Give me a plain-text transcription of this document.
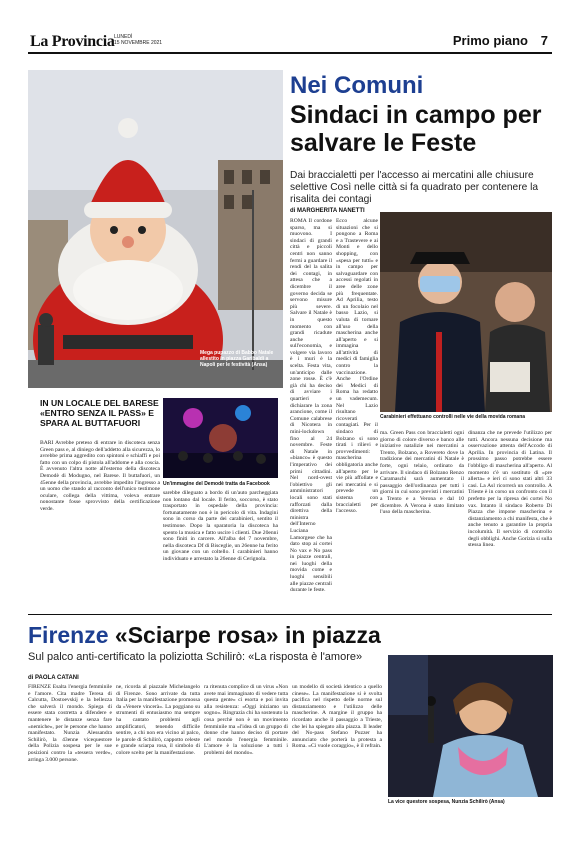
La Provincia LUNEDÌ
15 NOVEMBRE 2021	Primo piano 7
Mega pupazzo di Babbo Natale allestito in piazza Garibaldi a Napoli per le festività (Ansa)
Nei Comuni
Sindaci in campo per salvare le Feste
Dai braccialetti per l'accesso ai mercatini alle chiusure selettive Così nelle città si fa quadrato per contenere la risalita dei contagi
di MARGHERITA NANETTI

ROMA Il cordone sparso, ma si muovono. I sindaci di grandi città e piccoli centri non sanno fermi a guardare il rendi del la salita dei contagi, in attesa che a dicembre il governo decida se servono misure più severe. Salvare il Natale è in questo momento con grandi ricadute anche sull'economia, e volgere via lavoro è i muri è la scelta. Festa vita, un'anticipo dalle zone rosse. È c'è già chi ha deciso di avviare i quartieri e dichiarare la zona arancione, come il Comune calabrese di Nicotera in mini-lockdown fino al 24 novembre. Feste di Natale in «bianco» è questo l'imperativo dei primi cittadini. Nel nord-ovest l'obiettivo gli amministratori locali sono stati rafforzati dalla direttiva della ministra dell'Interno Luciana Lamorgese che ha dato stop ai cortei No vax e No pass in piazze centrali, nei luoghi della movida come e luoghi sensibili alle piazze centrali durante le feste.

Ecco alcune situazioni che si pongono a Roma e a Trastevere e ai Monti e dello shopping, con «spesa per tutti» e in campo per salvaguardare con accessi regolati in aree delle zone più frequentate. Ad Aprilia, testo di un focolaio nel basso Lazio, si valuta di tornare all'uso della mascherina anche all'aperto e si immagina all'attività di medici di famiglia contro la vaccinazione. Anche l'Ordine dei Medici di Roma ha redatto un vademecum. Nel Lazio risultano ricoverati contagiati. Per il sindaco di Bolzano si sono tirati i rilievi e provvedimenti: mascherina obbligatoria anche all'aperto per le vie più affollate e nei mercatini e si prevede un sistema con braccialetti per l'accesso.

Carabinieri effettuano controlli nelle vie della movida romana

ma. Green Pass con braccialetti ogni giorno di colore diverso e banco alle iniziative natalizie nei mercatini a Trento, Bolzano, a Rovereto dove la tradizione dei mercatini di Natale è forte, ogni telaio, ordinato da arrivare. Il sindaco di Bolzano Renzo Caramaschi sarà aumentato il passaggio dell'ordinanza per tutti i giorni in cui sono previsti i mercatini a Trento e a Verona e dal 10 dicembre. A Verona è stato limitato l'uso della mascherina.

dinanza che ne prevede l'utilizzo per tutti. Ancora nessuna decisione ma osservazione attenta dell'Accodo di Aprilia. In provincia di Latina. Il prossimo passo potrebbe essere l'obbligo di mascherina all'aperto. Al momento c'è un sostituto di «pre allerta» e ieri ci sono stati altri 33 casi. La Asl ricorrerà un controllo. A Trieste è in corso un confronto con il prefetto per la ripresa dei cortei No vax. Intanto il sindaco Roberto Di Piazza che impone mascherina e distanziamento a chi manifesta, che è anche tenuto a garantire la propria incolumità. Il servizio di controllo degli obblighi. Anche Gorizia si sulla stessa linea.

IN UN LOCALE DEL BARESE
«ENTRO SENZA IL PASS» E SPARA AL BUTTAFUORI
Un'immagine del Demodè tratta da Facebook

BARI Avrebbe preteso di entrare in discoteca senza Green pass e, al diniego dell'addetto alla sicurezza, lo avrebbe prima aggredito con spintoni e schiaffi e poi fatto con un colpo di pistola all'addome e alla coscia. È avvenuto l'altra notte all'esterno della discoteca Demodè di Modugno, nel Barese. Il buttafuori, un 45enne della provincia, avrebbe impedito l'ingresso a un uomo che stando al racconto dell'unico testimone oculare, collega della vittima, voleva entrare nonostante fosse sprovvisto della certificazione verde.

sarebbe dileguato a bordo di un'auto parcheggiata non lontano dal locale. Il ferito, soccorso, è stato trasportato in ospedale della provincia: fortunatamente non è in pericolo di vita. Indagini sono in corso da parte dei carabinieri, sentito il testimone. Dopo la sparatoria la discoteca ha spento la musica e fatto uscire i clienti. Due 20enni sono finiti in carcere. All'alba del 7 novembre, nella discoteca Df di Bisceglie, un 26enne ha ferito un giovane con un coltello. I carabinieri hanno individuato e arrestato la 26enne di Cerignola.

Firenze «Sciarpe rosa» in piazza
Sul palco anti-certificato la poliziotta Schilirò: «La risposta è l'amore»
di PAOLA CATANI

FIRENZE Esalta l'energia femminile e l'amore. Cita madre Teresa di Calcutta, Dostoevskij e la bellezza che salverà il mondo. Spiega di essere stata costretta a difendere e mantenere le distanze senza fare «nemiche», per le persone che hanno manifestato. Nunzia Alessandra Schilirò, la 43enne vicequestore della Polizia sospesa per le sue posizioni contro la «tessera verde», arringa 3.000 persone.

ne, ricorda al piazzale Michelangelo di Firenze. Sono arrivate da tutta Italia per la manifestazione promossa da «Venere vincerà». La poggiano su strumenti di entusiasmo ma sempre ha cantato problemi agli amplificatori, tenendo difficile sentire, a chi non era vicino al palco, le parole di Schilirò, cappotto celeste e grande sciarpa rosa, il simbolo di colore scelto per la manifestazione.

ra ritenuta complice di un virus «Non avete mai immaginato di vedere tutta questa gente» ci esorta e poi invita alla resistenza: «Oggi iniziamo un sogno». Ringrazia chi ha sostenuto la cosa perchè non è un movimento femminile ma «l'idea di un gruppo di donne che hanno deciso di portare nel mondo l'energia femminile. L'amore è la soluzione a tutti i problemi del mondo».

un modello di società identico a quello cinese». La manifestazione si è svolta pacifica nel rispetto delle norme sul distanziamento e l'utilizzo delle mascherine. A margine il gruppo ha ricordato anche il passaggio a Trieste, che lei ha spiegato alla piazza. Il leader del No-pass Stefano Puzzer ha annunciato che porterà la protesta a Roma. «Ci vuole coraggio», è il refrain.

La vice questore sospesa, Nunzia Schilirò (Ansa)
